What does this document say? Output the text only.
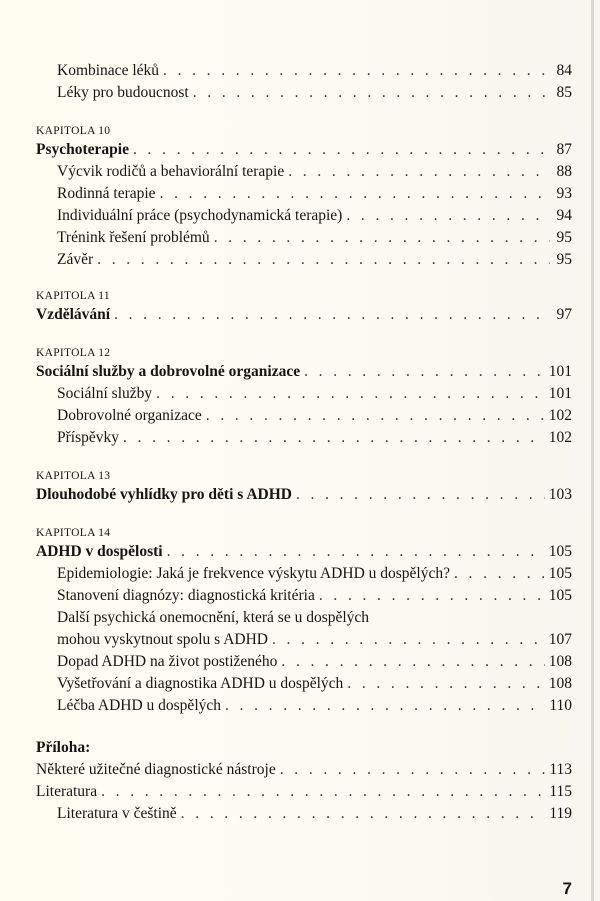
Kombinace léků . . .	84
Léky pro budoucnost . . .	85
KAPITOLA 10
Psychoterapie . . .	87
Výcvik rodičů a behaviorální terapie . . .	88
Rodinná terapie . . .	93
Individuální práce (psychodynamická terapie) . . .	94
Trénink řešení problémů . . .	95
Závěr . . .	95
KAPITOLA 11
Vzdělávání . . .	97
KAPITOLA 12
Sociální služby a dobrovolné organizace . . .	101
Sociální služby . . .	101
Dobrovolné organizace . . .	102
Příspěvky . . .	102
KAPITOLA 13
Dlouhodobé vyhlídky pro děti s ADHD . . .	103
KAPITOLA 14
ADHD v dospělosti . . .	105
Epidemiologie: Jaká je frekvence výskytu ADHD u dospělých? . . .	105
Stanovení diagnózy: diagnostická kritéria . . .	105
Další psychická onemocnění, která se u dospělých
mohou vyskytnout spolu s ADHD . . .	107
Dopad ADHD na život postiženého . . .	108
Vyšetřování a diagnostika ADHD u dospělých . . .	108
Léčba ADHD u dospělých . . .	110
Příloha:
Některé užitečné diagnostické nástroje . . .	113
Literatura . . .	115
Literatura v češtině . . .	119
7
